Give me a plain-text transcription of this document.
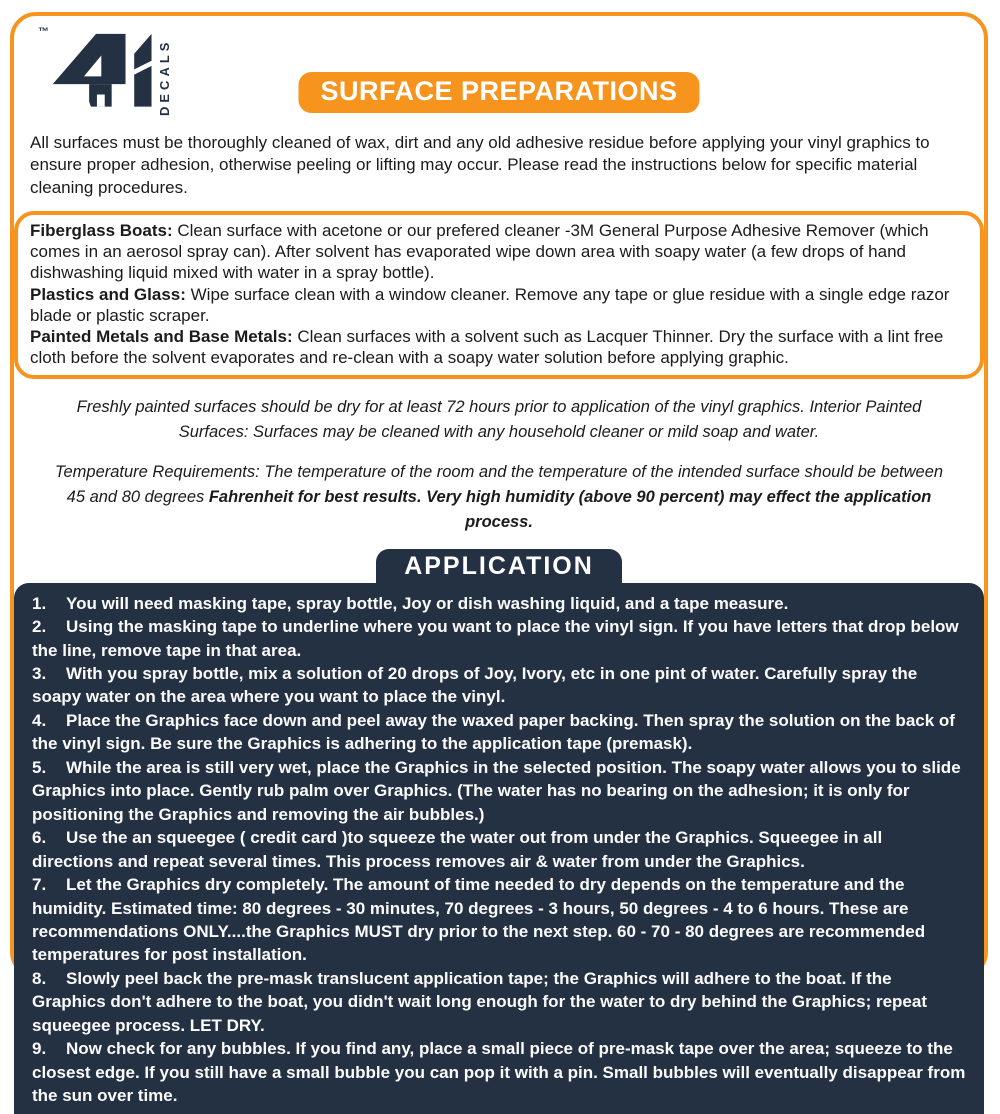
™
DECALS	SURFACE PREPARATIONS

All surfaces must be thoroughly cleaned of wax, dirt and any old adhesive residue before applying your vinyl graphics to ensure proper adhesion, otherwise peeling or lifting may occur. Please read the instructions below for specific material cleaning procedures.

Fiberglass Boats: Clean surface with acetone or our prefered cleaner -3M General Purpose Adhesive Remover (which comes in an aerosol spray can). After solvent has evaporated wipe down area with soapy water (a few drops of hand dishwashing liquid mixed with water in a spray bottle).

Plastics and Glass: Wipe surface clean with a window cleaner. Remove any tape or glue residue with a single edge razor blade or plastic scraper.

Painted Metals and Base Metals: Clean surfaces with a solvent such as Lacquer Thinner. Dry the surface with a lint free cloth before the solvent evaporates and re-clean with a soapy water solution before applying graphic.

Freshly painted surfaces should be dry for at least 72 hours prior to application of the vinyl graphics. Interior Painted Surfaces: Surfaces may be cleaned with any household cleaner or mild soap and water.

Temperature Requirements: The temperature of the room and the temperature of the intended surface should be between 45 and 80 degrees Fahrenheit for best results. Very high humidity (above 90 percent) may effect the application process.

APPLICATION

1. You will need masking tape, spray bottle, Joy or dish washing liquid, and a tape measure.

2. Using the masking tape to underline where you want to place the vinyl sign. If you have letters that drop below the line, remove tape in that area.

3. With you spray bottle, mix a solution of 20 drops of Joy, Ivory, etc in one pint of water. Carefully spray the soapy water on the area where you want to place the vinyl.

4. Place the Graphics face down and peel away the waxed paper backing. Then spray the solution on the back of the vinyl sign. Be sure the Graphics is adhering to the application tape (premask).

5. While the area is still very wet, place the Graphics in the selected position. The soapy water allows you to slide Graphics into place. Gently rub palm over Graphics. (The water has no bearing on the adhesion; it is only for positioning the Graphics and removing the air bubbles.)

6. Use the an squeegee ( credit card )to squeeze the water out from under the Graphics. Squeegee in all directions and repeat several times. This process removes air & water from under the Graphics.

7. Let the Graphics dry completely. The amount of time needed to dry depends on the temperature and the humidity. Estimated time: 80 degrees - 30 minutes, 70 degrees - 3 hours, 50 degrees - 4 to 6 hours. These are recommendations ONLY....the Graphics MUST dry prior to the next step. 60 - 70 - 80 degrees are recommended temperatures for post installation.

8. Slowly peel back the pre-mask translucent application tape; the Graphics will adhere to the boat. If the Graphics don't adhere to the boat, you didn't wait long enough for the water to dry behind the Graphics; repeat squeegee process. LET DRY.

9. Now check for any bubbles. If you find any, place a small piece of pre-mask tape over the area; squeeze to the closest edge. If you still have a small bubble you can pop it with a pin. Small bubbles will eventually disappear from the sun over time.
